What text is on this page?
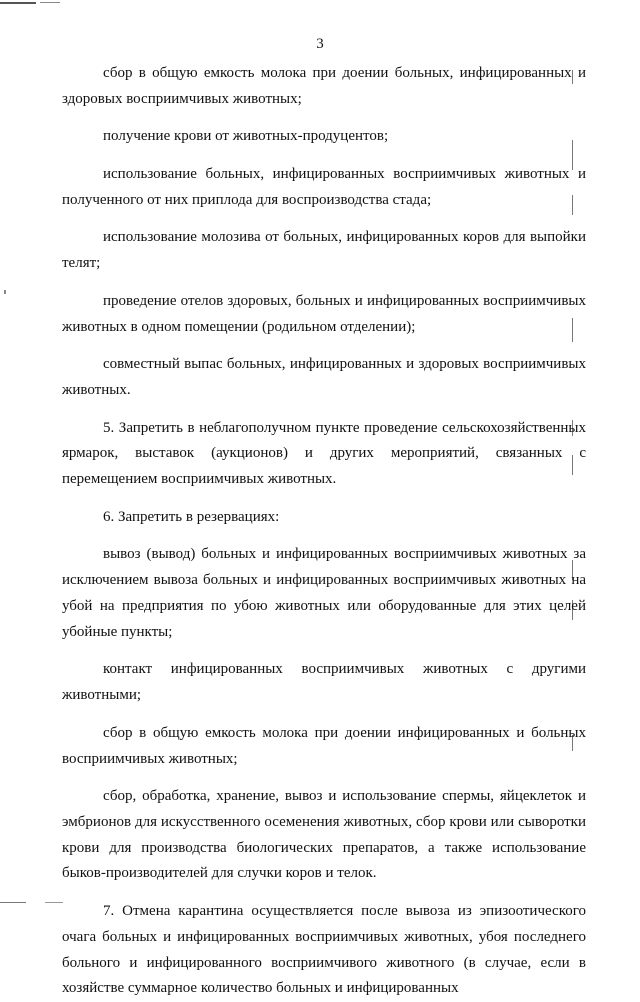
3

сбор в общую емкость молока при доении больных, инфицированных и здоровых восприимчивых животных;

получение крови от животных-продуцентов;

использование больных, инфицированных восприимчивых животных и полученного от них приплода для воспроизводства стада;

использование молозива от больных, инфицированных коров для выпойки телят;

проведение отелов здоровых, больных и инфицированных восприимчивых животных в одном помещении (родильном отделении);

совместный выпас больных, инфицированных и здоровых восприимчивых животных.

5. Запретить в неблагополучном пункте проведение сельскохозяйственных ярмарок, выставок (аукционов) и других мероприятий, связанных с перемещением восприимчивых животных.

6. Запретить в резервациях:

вывоз (вывод) больных и инфицированных восприимчивых животных за исключением вывоза больных и инфицированных восприимчивых животных на убой на предприятия по убою животных или оборудованные для этих целей убойные пункты;

контакт инфицированных восприимчивых животных с другими животными;

сбор в общую емкость молока при доении инфицированных и больных восприимчивых животных;

сбор, обработка, хранение, вывоз и использование спермы, яйцеклеток и эмбрионов для искусственного осеменения животных, сбор крови или сыворотки крови для производства биологических препаратов, а также использование быков-производителей для случки коров и телок.

7. Отмена карантина осуществляется после вывоза из эпизоотического очага больных и инфицированных восприимчивых животных, убоя последнего больного и инфицированного восприимчивого животного (в случае, если в хозяйстве суммарное количество больных и инфицированных
